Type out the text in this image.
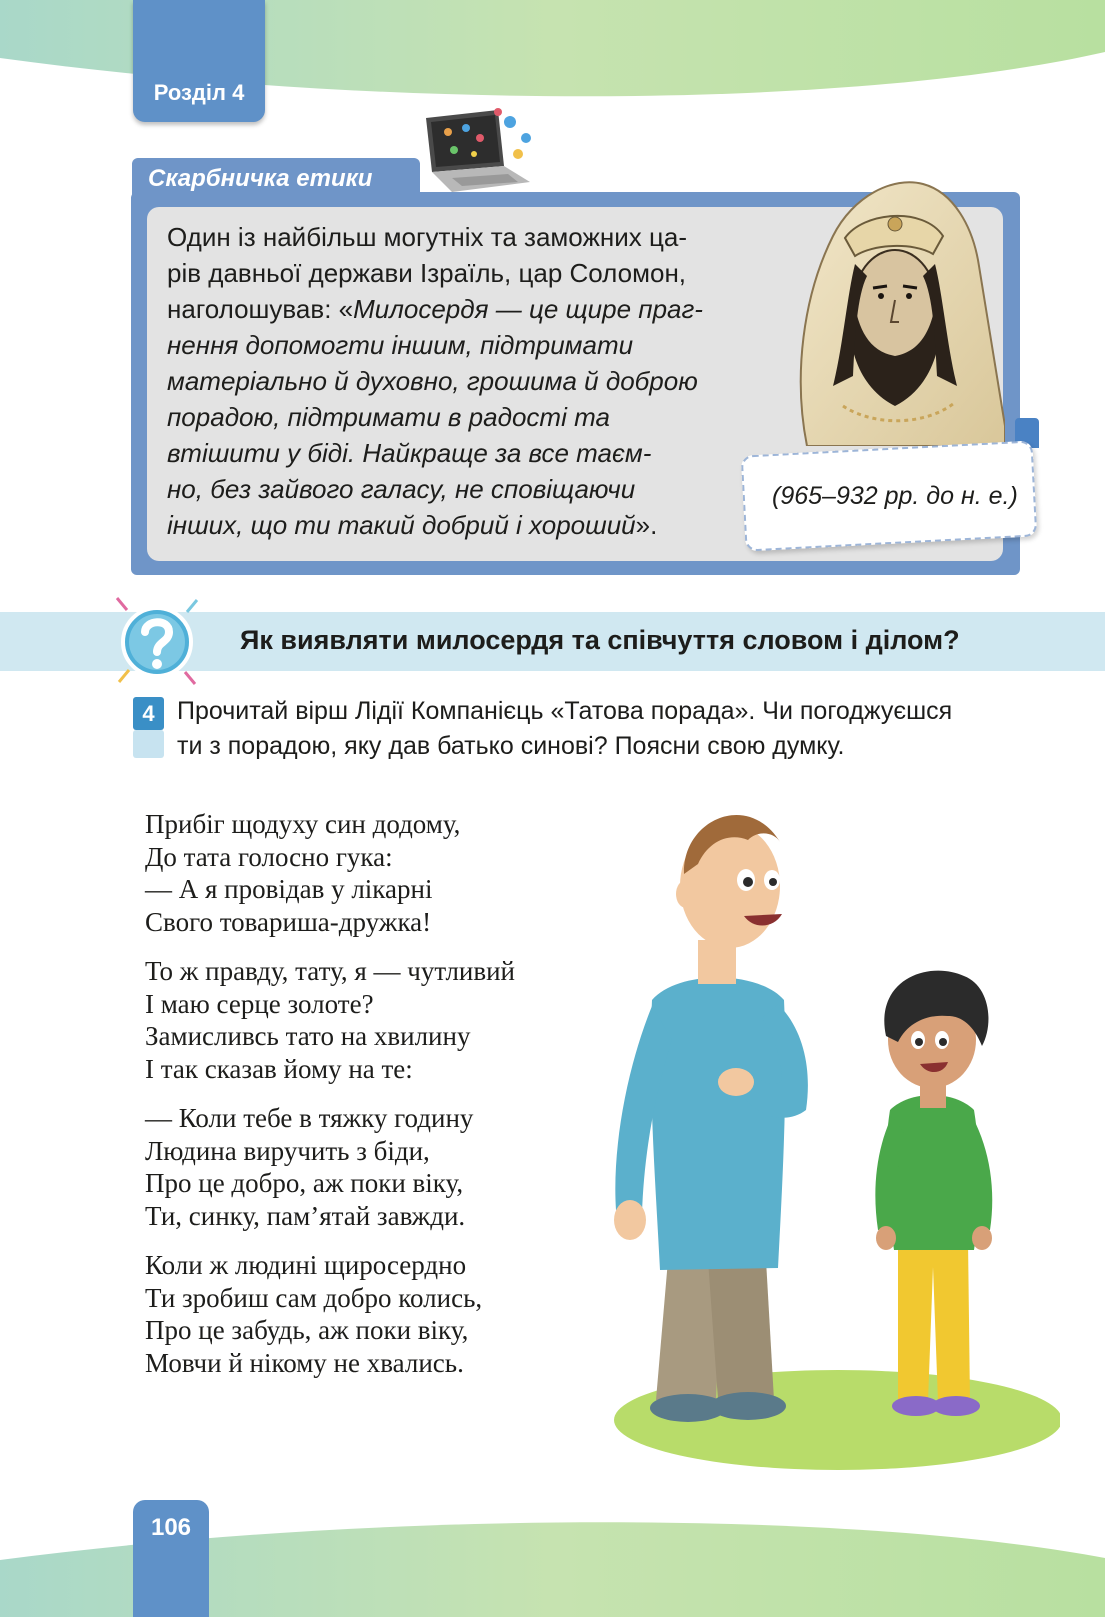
Розділ 4
Скарбничка етики
Один із найбільш могутніх та заможних ца-
рів давньої держави Ізраїль, цар Соломон,
наголошував: «Милосердя — це щире праг-
нення допомогти іншим, підтримати
матеріально й духовно, грошима й доброю
порадою, підтримати в радості та
втішити у біді. Найкраще за все таєм-
но, без зайвого галасу, не сповіщаючи
інших, що ти такий добрий і хороший».
(965–932 рр. до н. е.)
Як виявляти милосердя та співчуття словом і ділом?
4 Прочитай вірш Лідії Компанієць «Татова порада». Чи погоджуєшся
ти з порадою, яку дав батько синові? Поясни свою думку.
Прибіг щодуху син додому,
До тата голосно гука:
— А я провідав у лікарні
Свого товариша-дружка!
То ж правду, тату, я — чутливий
І маю серце золоте?
Замисливсь тато на хвилину
І так сказав йому на те:
— Коли тебе в тяжку годину
Людина виручить з біди,
Про це добро, аж поки віку,
Ти, синку, пам’ятай завжди.
Коли ж людині щиросердно
Ти зробиш сам добро колись,
Про це забудь, аж поки віку,
Мовчи й нікому не хвались.
106
